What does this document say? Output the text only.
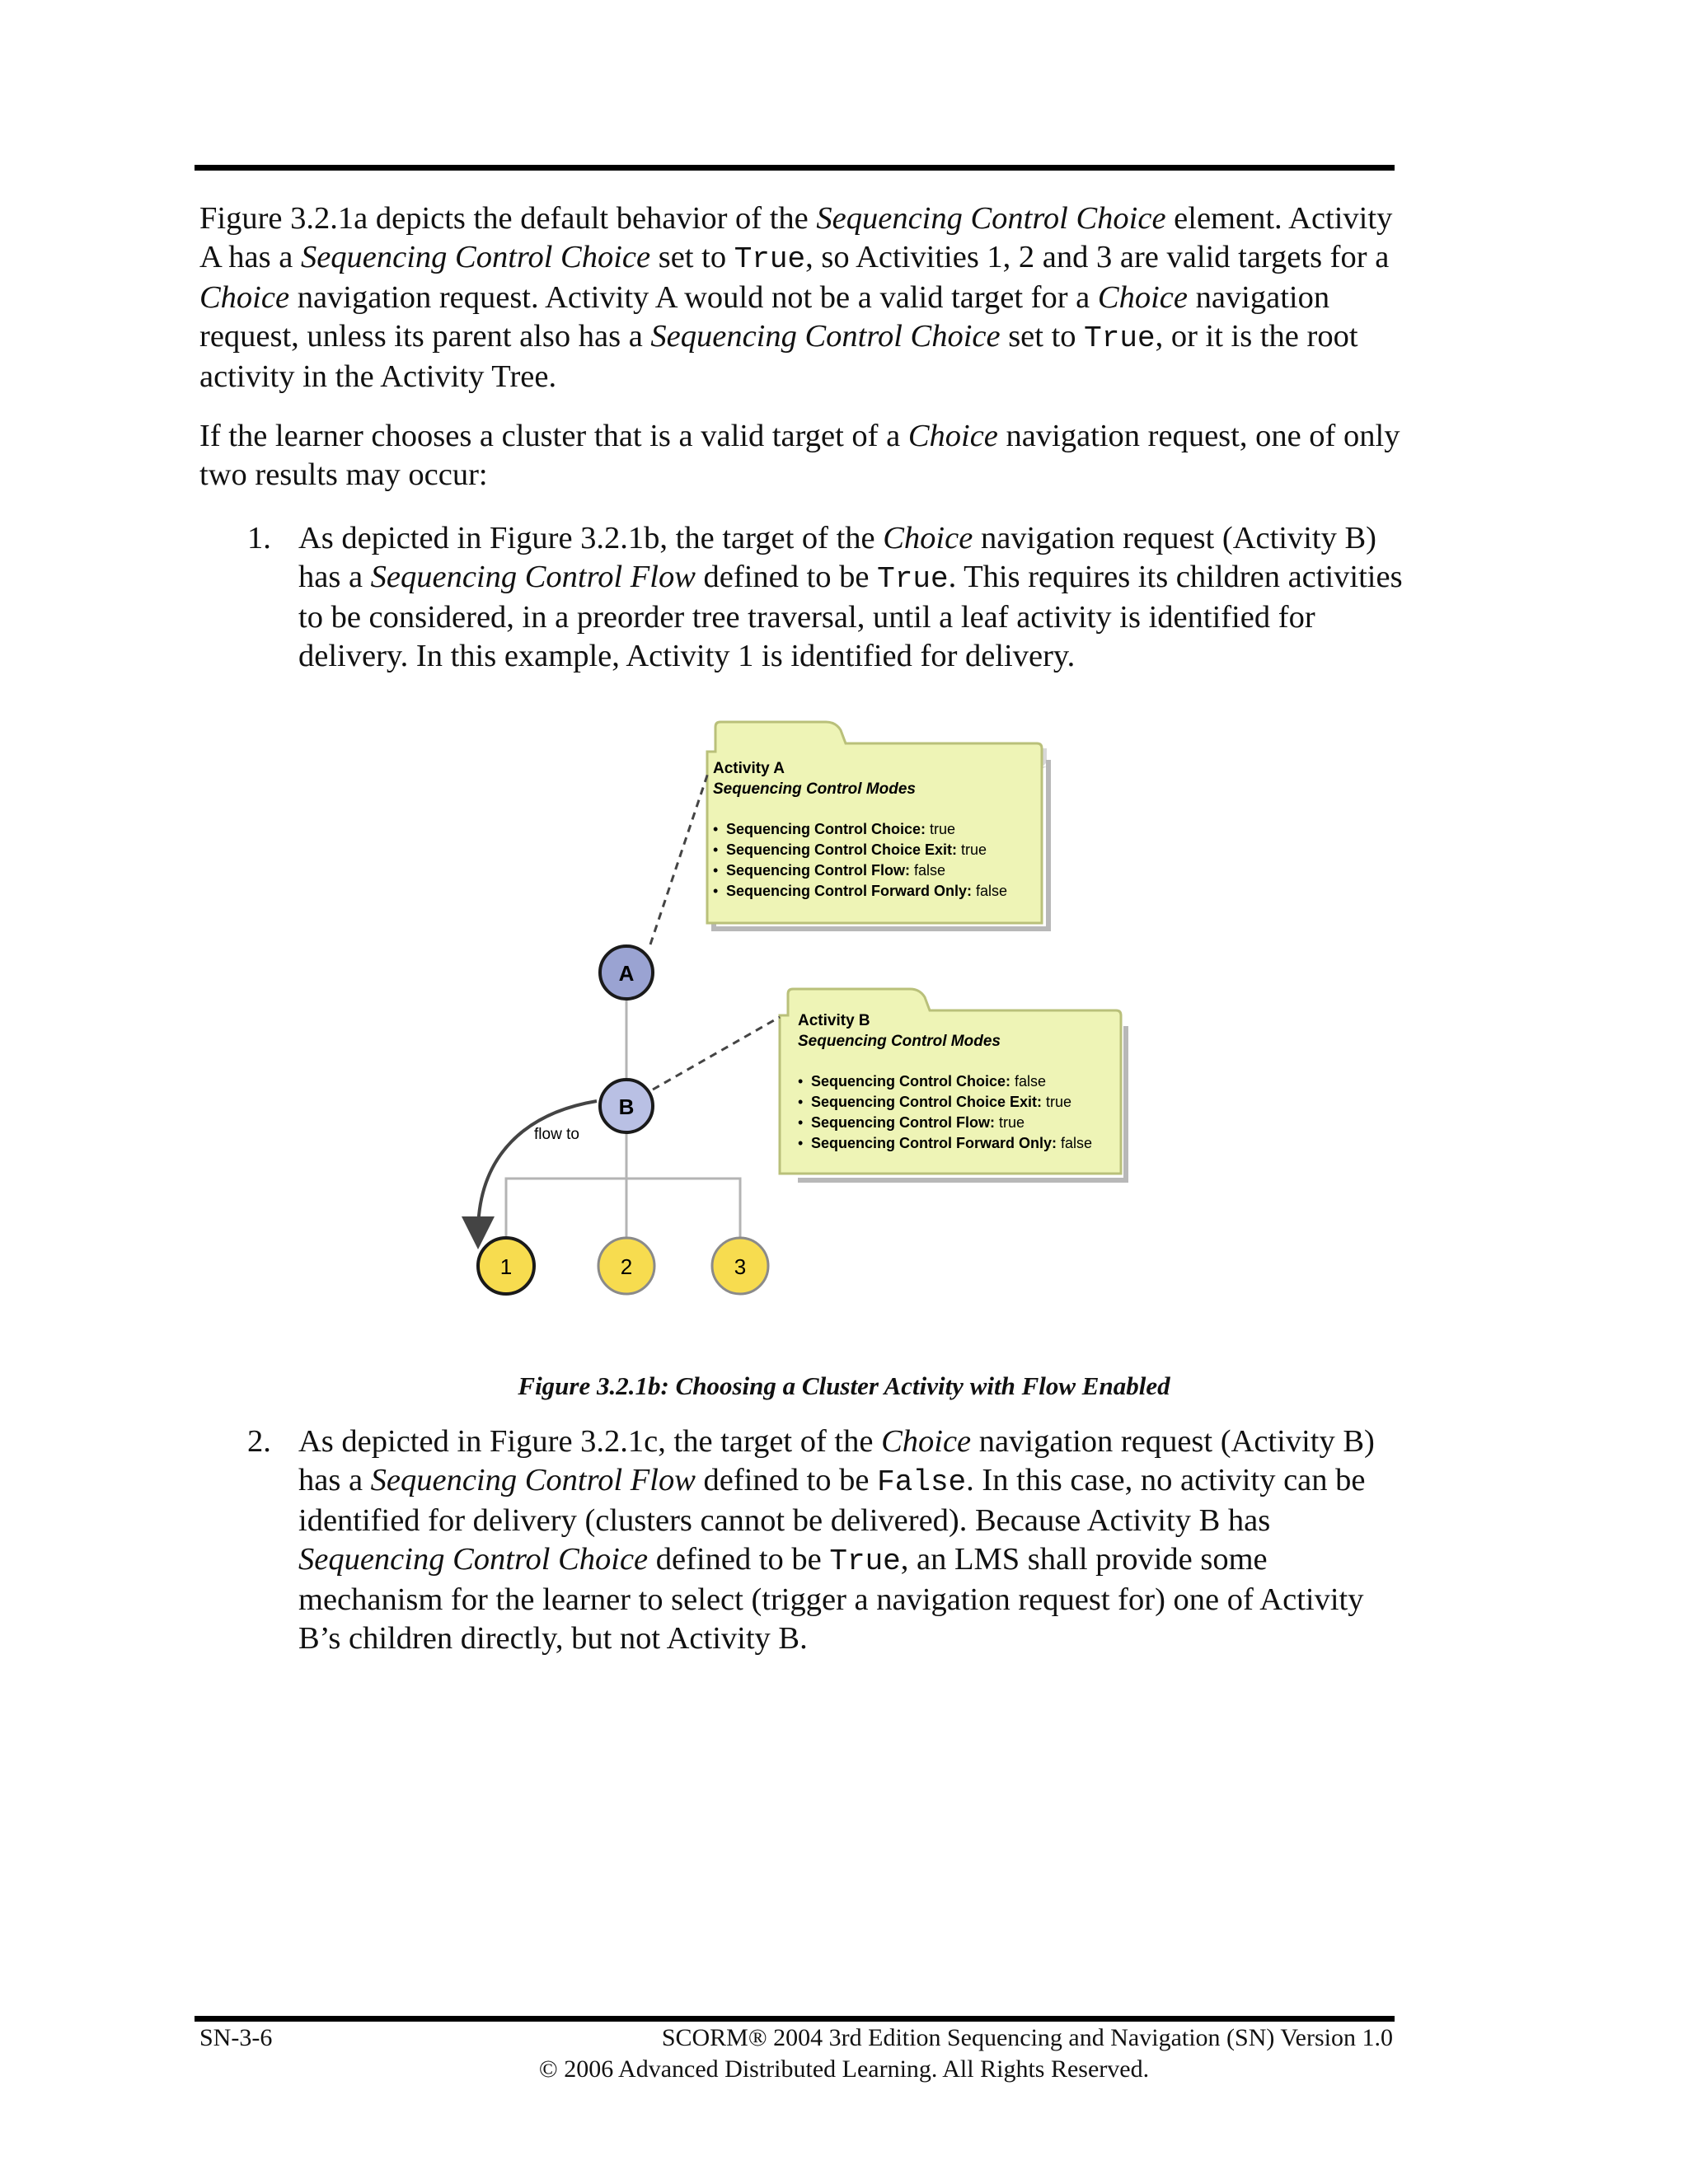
Figure 3.2.1a depicts the default behavior of the Sequencing Control Choice element. Activity A has a Sequencing Control Choice set to True, so Activities 1, 2 and 3 are valid targets for a Choice navigation request. Activity A would not be a valid target for a Choice navigation request, unless its parent also has a Sequencing Control Choice set to True, or it is the root activity in the Activity Tree.

If the learner chooses a cluster that is a valid target of a Choice navigation request, one of only two results may occur:

1. As depicted in Figure 3.2.1b, the target of the Choice navigation request (Activity B) has a Sequencing Control Flow defined to be True. This requires its children activities to be considered, in a preorder tree traversal, until a leaf activity is identified for delivery. In this example, Activity 1 is identified for delivery.

Activity A
Sequencing Control Modes
• Sequencing Control Choice: true
• Sequencing Control Choice Exit: true
• Sequencing Control Flow: false
• Sequencing Control Forward Only: false
Activity B
Sequencing Control Modes
• Sequencing Control Choice: false
• Sequencing Control Choice Exit: true
• Sequencing Control Flow: true
• Sequencing Control Forward Only: false
flow to
A
B
1	2	3
Figure 3.2.1b: Choosing a Cluster Activity with Flow Enabled
2. As depicted in Figure 3.2.1c, the target of the Choice navigation request (Activity B) has a Sequencing Control Flow defined to be False. In this case, no activity can be identified for delivery (clusters cannot be delivered). Because Activity B has Sequencing Control Choice defined to be True, an LMS shall provide some mechanism for the learner to select (trigger a navigation request for) one of Activity B’s children directly, but not Activity B.

SN-3-6	SCORM® 2004 3rd Edition Sequencing and Navigation (SN) Version 1.0
© 2006 Advanced Distributed Learning. All Rights Reserved.
